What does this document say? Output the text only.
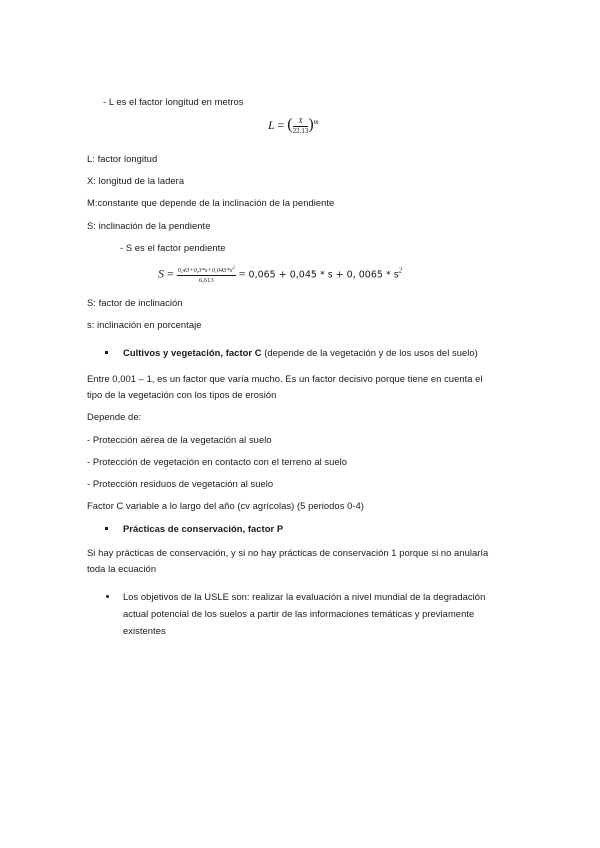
- L es el factor longitud en metros
L = ( $\frac{X}{22,13} )^m$
L: factor longitud
X: longitud de la ladera
M:constante que depende de la inclinación de la pendiente
S: inclinación de la pendiente
- S es el factor pendiente
$S = \frac{0,43+0,3*s+0,043*s^2}{6,613} = 0,065 + 0,045 * s + 0$, $0065 * s^2$
S: factor de inclinación
s: inclinación en porcentaje
Cultivos y vegetación, factor C (depende de la vegetación y de los usos del suelo)
Entre 0,001 – 1, es un factor que varía mucho. Es un factor decisivo porque tiene en cuenta el
tipo de la vegetación con los tipos de erosión
Depende de:
- Protección aérea de la vegetación al suelo
- Protección de vegetación en contacto con el terreno al suelo
- Protección residuos de vegetación al suelo
Factor C variable a lo largo del año (cv agrícolas) (5 periodos 0-4)
Prácticas de conservación, factor P
Si hay prácticas de conservación, y si no hay prácticas de conservación 1 porque si no anularía
toda la ecuación
Los objetivos de la USLE son: realizar la evaluación a nivel mundial de la degradación
actual potencial de los suelos a partir de las informaciones temáticas y previamente
existentes
